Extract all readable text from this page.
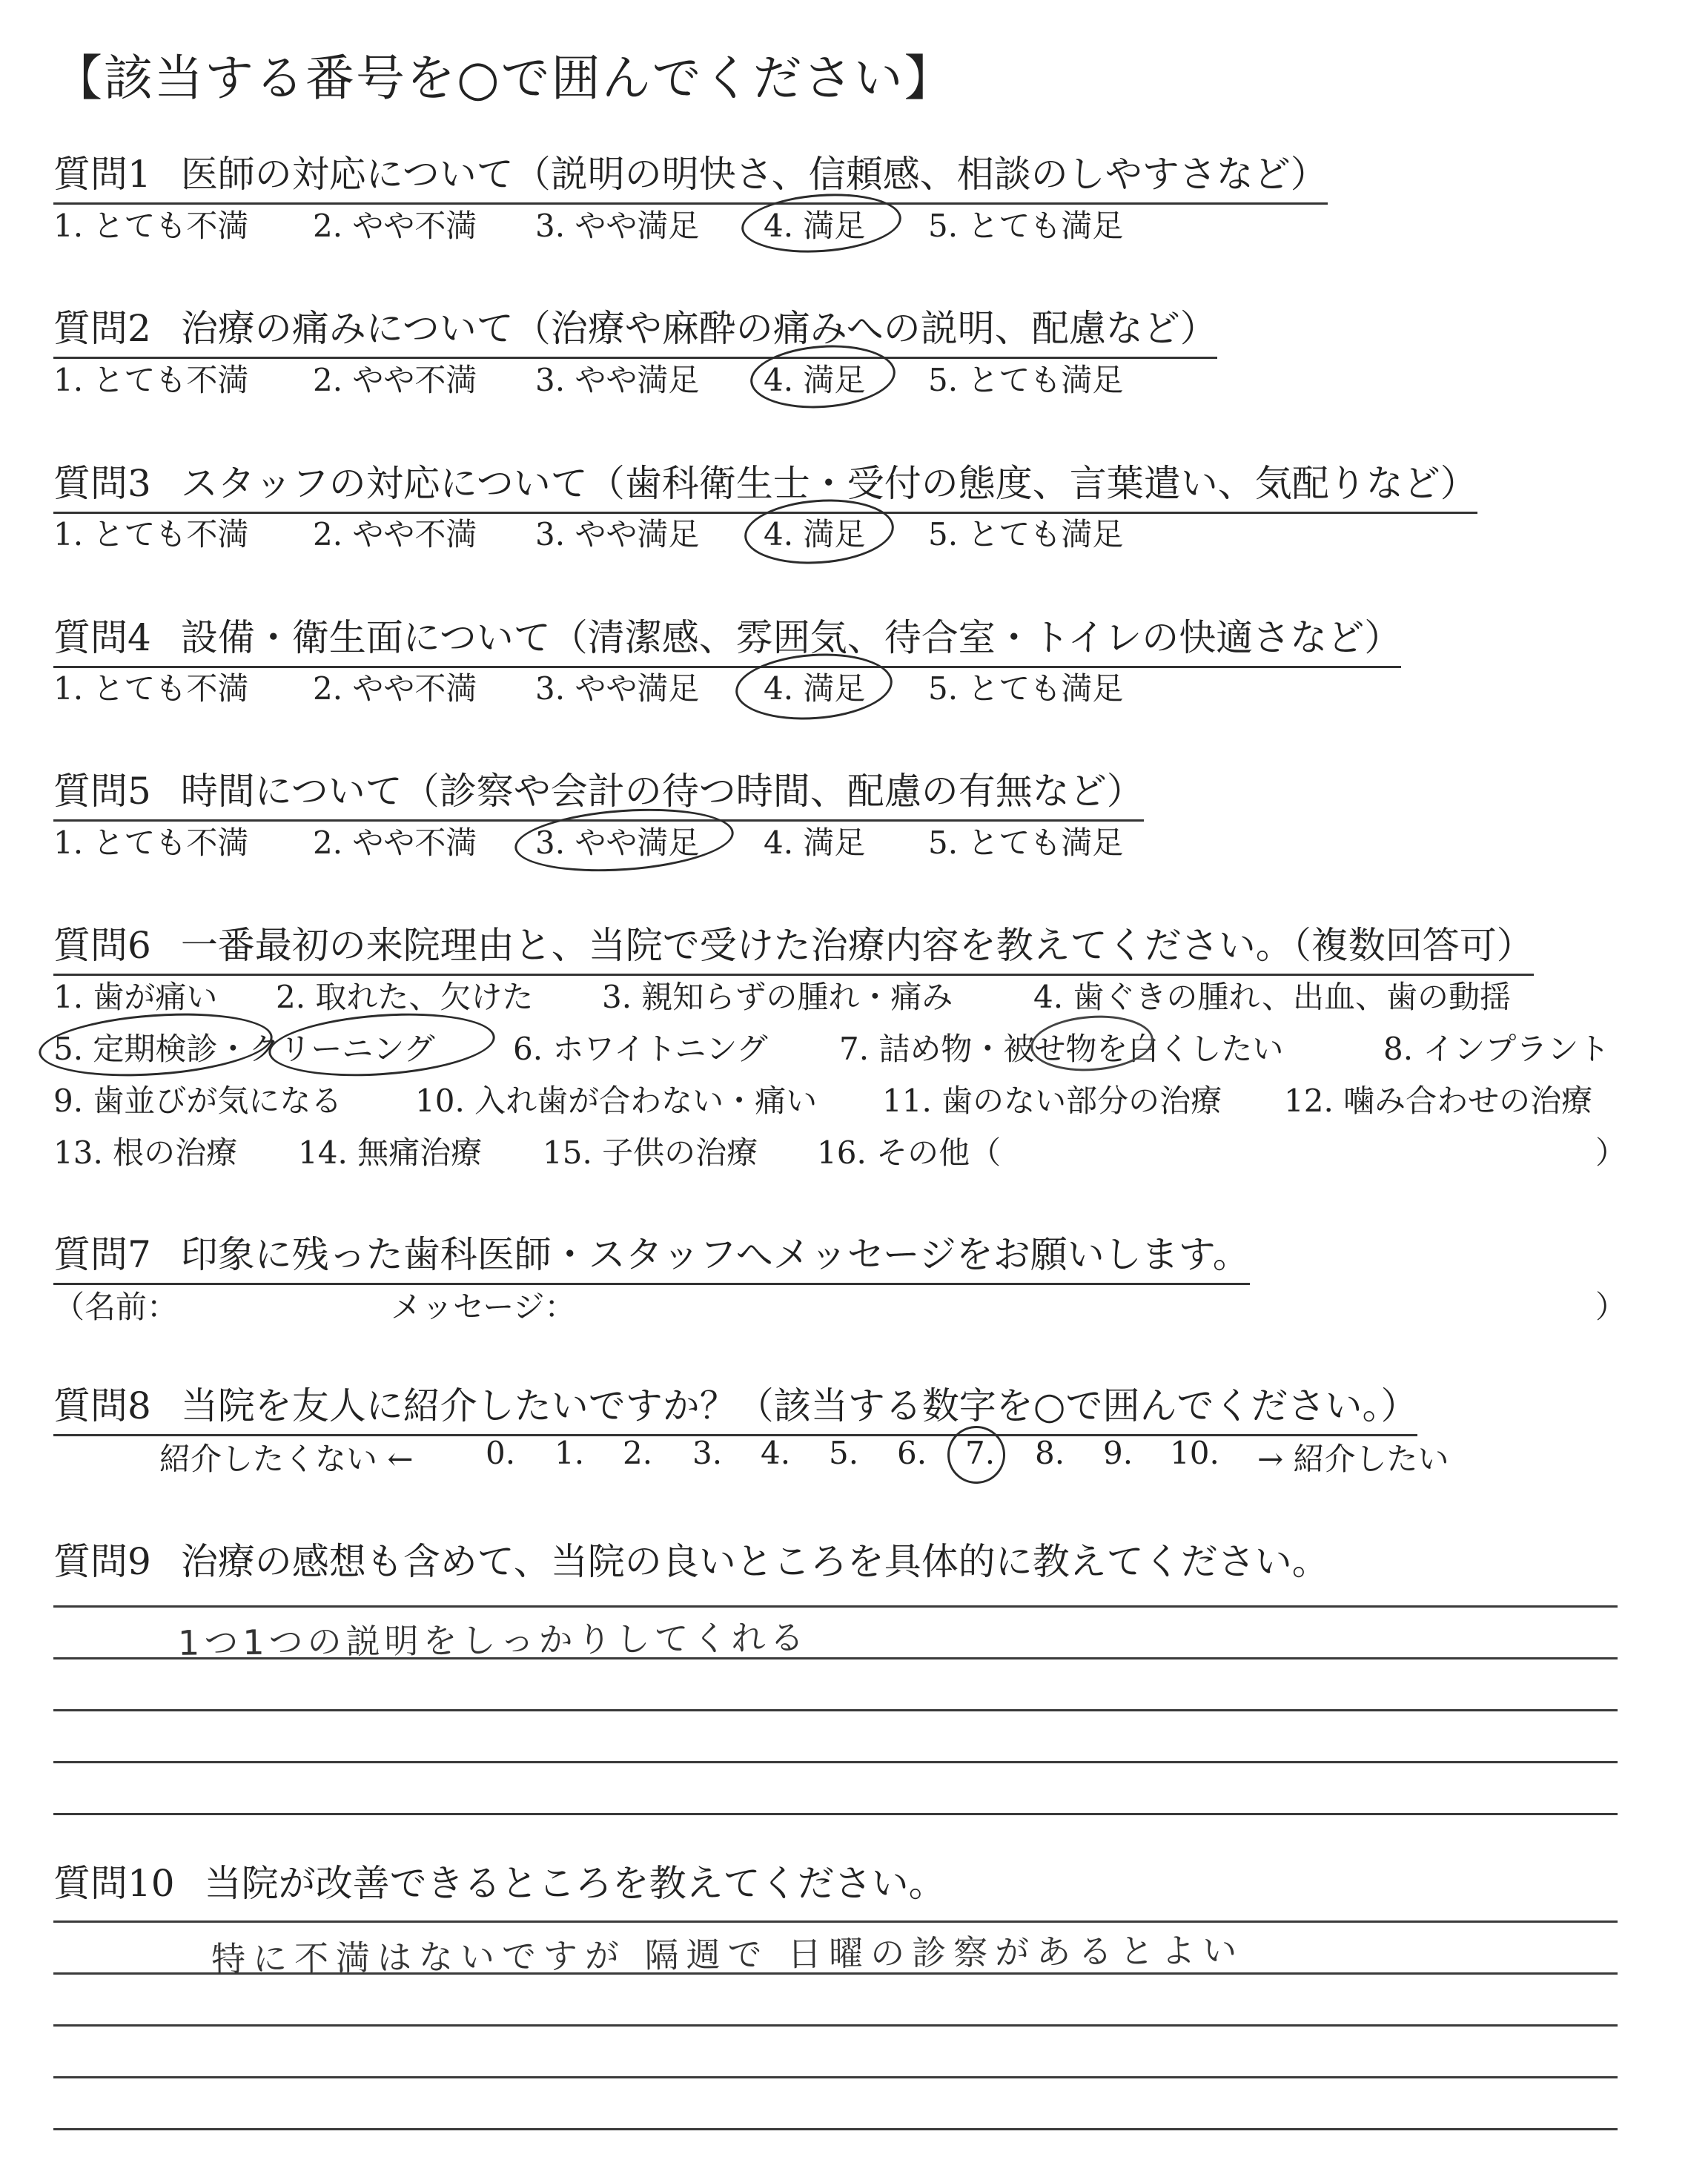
【該当する番号を○で囲んでください】
質問1 医師の対応について（説明の明快さ、信頼感、相談のしやすさなど）
1. とても不満 2. やや不満 3. やや満足 4. 満足 5. とても満足
質問2 治療の痛みについて（治療や麻酔の痛みへの説明、配慮など）
1. とても不満 2. やや不満 3. やや満足 4. 満足 5. とても満足
質問3 スタッフの対応について（歯科衛生士・受付の態度、言葉遣い、気配りなど）
1. とても不満 2. やや不満 3. やや満足 4. 満足 5. とても満足
質問4 設備・衛生面について（清潔感、雰囲気、待合室・トイレの快適さなど）
1. とても不満 2. やや不満 3. やや満足 4. 満足 5. とても満足
質問5 時間について（診察や会計の待つ時間、配慮の有無など）
1. とても不満 2. やや不満 3. やや満足 4. 満足 5. とても満足
質問6 一番最初の来院理由と、当院で受けた治療内容を教えてください。（複数回答可）
1. 歯が痛い 2. 取れた、欠けた 3. 親知らずの腫れ・痛み	4. 歯ぐきの腫れ、出血、歯の動揺
5. 定期検診・クリーニング	6. ホワイトニング 7. 詰め物・被せ物を白くしたい	8. インプラント
9. 歯並びが気になる 10. 入れ歯が合わない・痛い 11. 歯のない部分の治療 12. 噛み合わせの治療
13. 根の治療 14. 無痛治療 15. 子供の治療 16. その他（	）
質問7 印象に残った歯科医師・スタッフへメッセージをお願いします。
（名前：	メッセージ：	）
質問8 当院を友人に紹介したいですか？（該当する数字を○で囲んでください。）
紹介したくない ← 0. 1. 2. 3. 4. 5. 6. 7. 8. 9. 10. → 紹介したい
質問9 治療の感想も含めて、当院の良いところを具体的に教えてください。
1つ1つの説明をしっかりしてくれる
質問10 当院が改善できるところを教えてください。
特に不満はないですが 隔週で 日曜の診察があるとよい
